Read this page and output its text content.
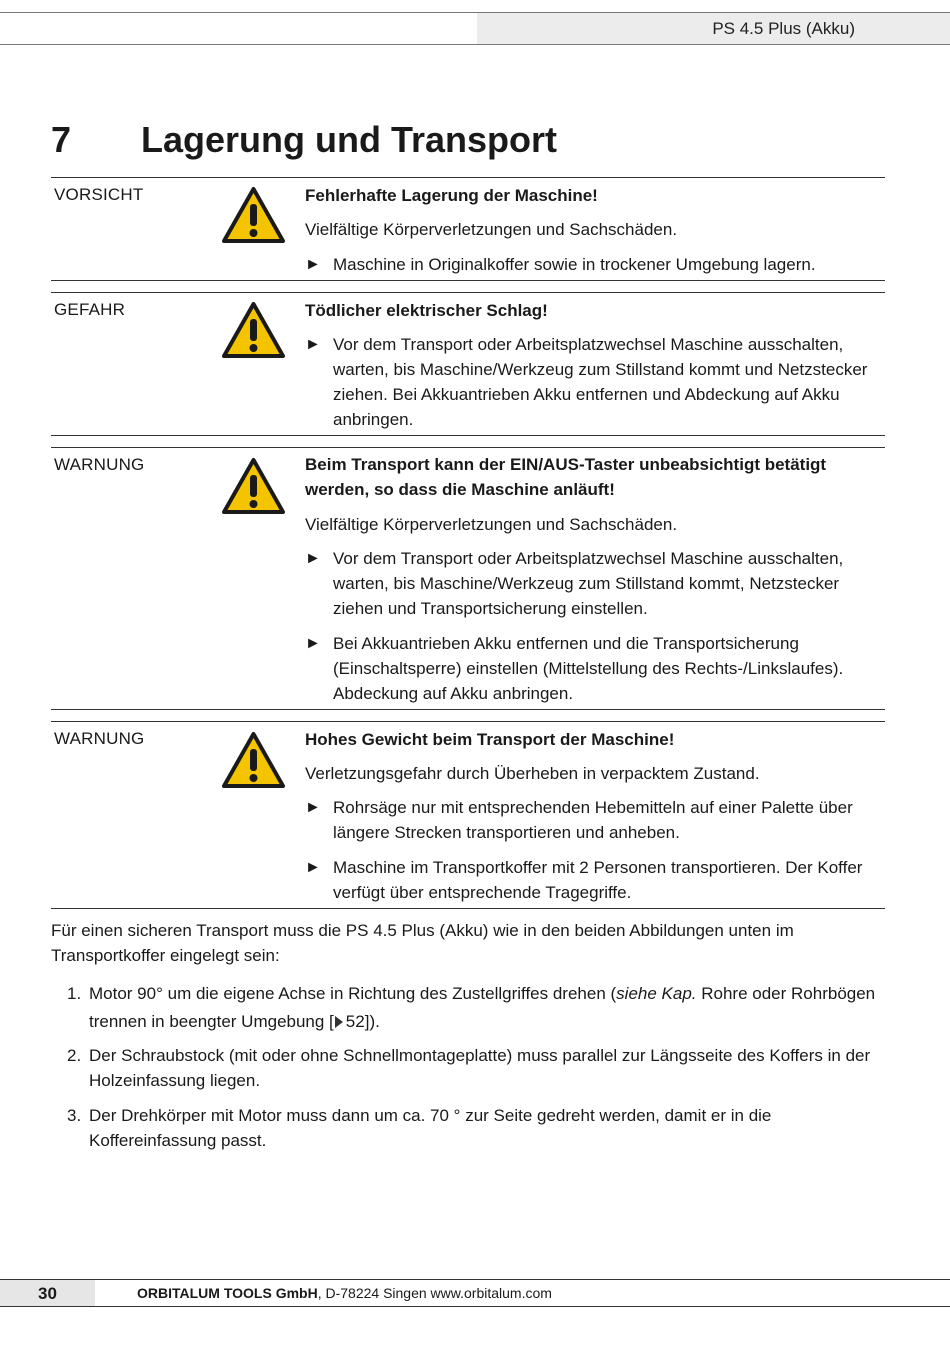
PS 4.5 Plus (Akku)
7 Lagerung und Transport
VORSICHT	Fehlerhafte Lagerung der Maschine!
Vielfältige Körperverletzungen und Sachschäden.
► Maschine in Originalkoffer sowie in trockener Umgebung lagern.
GEFAHR	Tödlicher elektrischer Schlag!
► Vor dem Transport oder Arbeitsplatzwechsel Maschine ausschalten, warten, bis Maschine/Werkzeug zum Stillstand kommt und Netzstecker ziehen. Bei Akkuantrieben Akku entfernen und Abdeckung auf Akku anbringen.
WARNUNG	Beim Transport kann der EIN/AUS-Taster unbeabsichtigt betätigt werden, so dass die Maschine anläuft!
Vielfältige Körperverletzungen und Sachschäden.
► Vor dem Transport oder Arbeitsplatzwechsel Maschine ausschalten, warten, bis Maschine/Werkzeug zum Stillstand kommt, Netzstecker ziehen und Transportsicherung einstellen.
► Bei Akkuantrieben Akku entfernen und die Transportsicherung (Einschaltsperre) einstellen (Mittelstellung des Rechts-/Linkslaufes). Abdeckung auf Akku anbringen.
WARNUNG	Hohes Gewicht beim Transport der Maschine!
Verletzungsgefahr durch Überheben in verpacktem Zustand.
► Rohrsäge nur mit entsprechenden Hebemitteln auf einer Palette über längere Strecken transportieren und anheben.
► Maschine im Transportkoffer mit 2 Personen transportieren. Der Koffer verfügt über entsprechende Tragegriffe.
Für einen sicheren Transport muss die PS 4.5 Plus (Akku) wie in den beiden Abbildungen unten im Transportkoffer eingelegt sein:
1. Motor 90° um die eigene Achse in Richtung des Zustellgriffes drehen (siehe Kap. Rohre oder Rohrbögen trennen in beengter Umgebung [ 52]).
2. Der Schraubstock (mit oder ohne Schnellmontageplatte) muss parallel zur Längsseite des Koffers in der Holzeinfassung liegen.
3. Der Drehkörper mit Motor muss dann um ca. 70 ° zur Seite gedreht werden, damit er in die Koffereinfassung passt.
30	ORBITALUM TOOLS GmbH, D-78224 Singen www.orbitalum.com
